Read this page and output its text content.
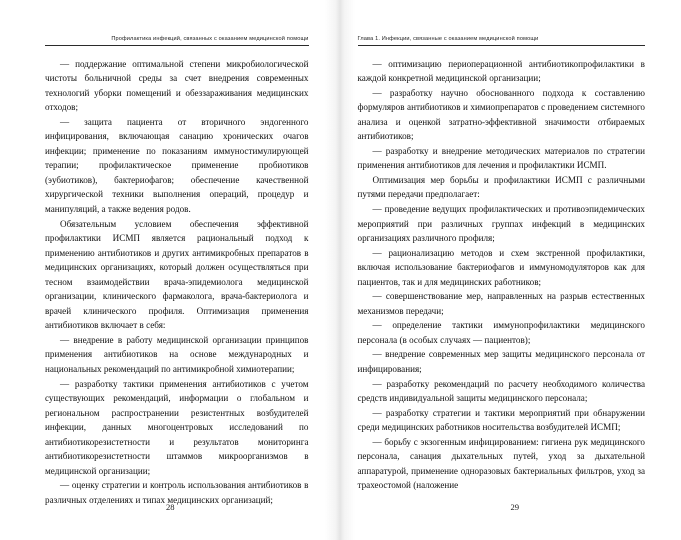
Профилактика инфекций, связанных с оказанием медицинской помощи

— поддержание оптимальной степени микробиологической чистоты больничной среды за счет внедрения современных технологий уборки помещений и обеззараживания медицинских отходов;

— защита пациента от вторичного эндогенного инфицирования, включающая санацию хронических очагов инфекции; применение по показаниям иммуностимулирующей терапии; профилактическое применение пробиотиков (эубиотиков), бактериофагов; обеспечение качественной хирургической техники выполнения операций, процедур и манипуляций, а также ведения родов.

Обязательным условием обеспечения эффективной профилактики ИСМП является рациональный подход к применению антибиотиков и других антимикробных препаратов в медицинских организациях, который должен осуществляться при тесном взаимодействии врача-эпидемиолога медицинской организации, клинического фармаколога, врача-бактериолога и врачей клинического профиля. Оптимизация применения антибиотиков включает в себя:

— внедрение в работу медицинской организации принципов применения антибиотиков на основе международных и национальных рекомендаций по антимикробной химиотерапии;

— разработку тактики применения антибиотиков с учетом существующих рекомендаций, информации о глобальном и региональном распространении резистентных возбудителей инфекции, данных многоцентровых исследований по антибиотикорезистетности и результатов мониторинга антибиотикорезистетности штаммов микроорганизмов в медицинской организации;

— оценку стратегии и контроль использования антибиотиков в различных отделениях и типах медицинских организаций;

28
Глава 1. Инфекции, связанные с оказанием медицинской помощи

— оптимизацию периоперационной антибиотикопрофилактики в каждой конкретной медицинской организации;

— разработку научно обоснованного подхода к составлению формуляров антибиотиков и химиопрепаратов с проведением системного анализа и оценкой затратно-эффективной значимости отбираемых антибиотиков;

— разработку и внедрение методических материалов по стратегии применения антибиотиков для лечения и профилактики ИСМП.

Оптимизация мер борьбы и профилактики ИСМП с различными путями передачи предполагает:

— проведение ведущих профилактических и противоэпидемических мероприятий при различных группах инфекций в медицинских организациях различного профиля;

— рационализацию методов и схем экстренной профилактики, включая использование бактериофагов и иммуномодуляторов как для пациентов, так и для медицинских работников;

— совершенствование мер, направленных на разрыв естественных механизмов передачи;

— определение тактики иммунопрофилактики медицинского персонала (в особых случаях — пациентов);

— внедрение современных мер защиты медицинского персонала от инфицирования;

— разработку рекомендаций по расчету необходимого количества средств индивидуальной защиты медицинского персонала;

— разработку стратегии и тактики мероприятий при обнаружении среди медицинских работников носительства возбудителей ИСМП;

— борьбу с экзогенным инфицированием: гигиена рук медицинского персонала, санация дыхательных путей, уход за дыхательной аппаратурой, применение одноразовых бактериальных фильтров, уход за трахеостомой (наложение

29
